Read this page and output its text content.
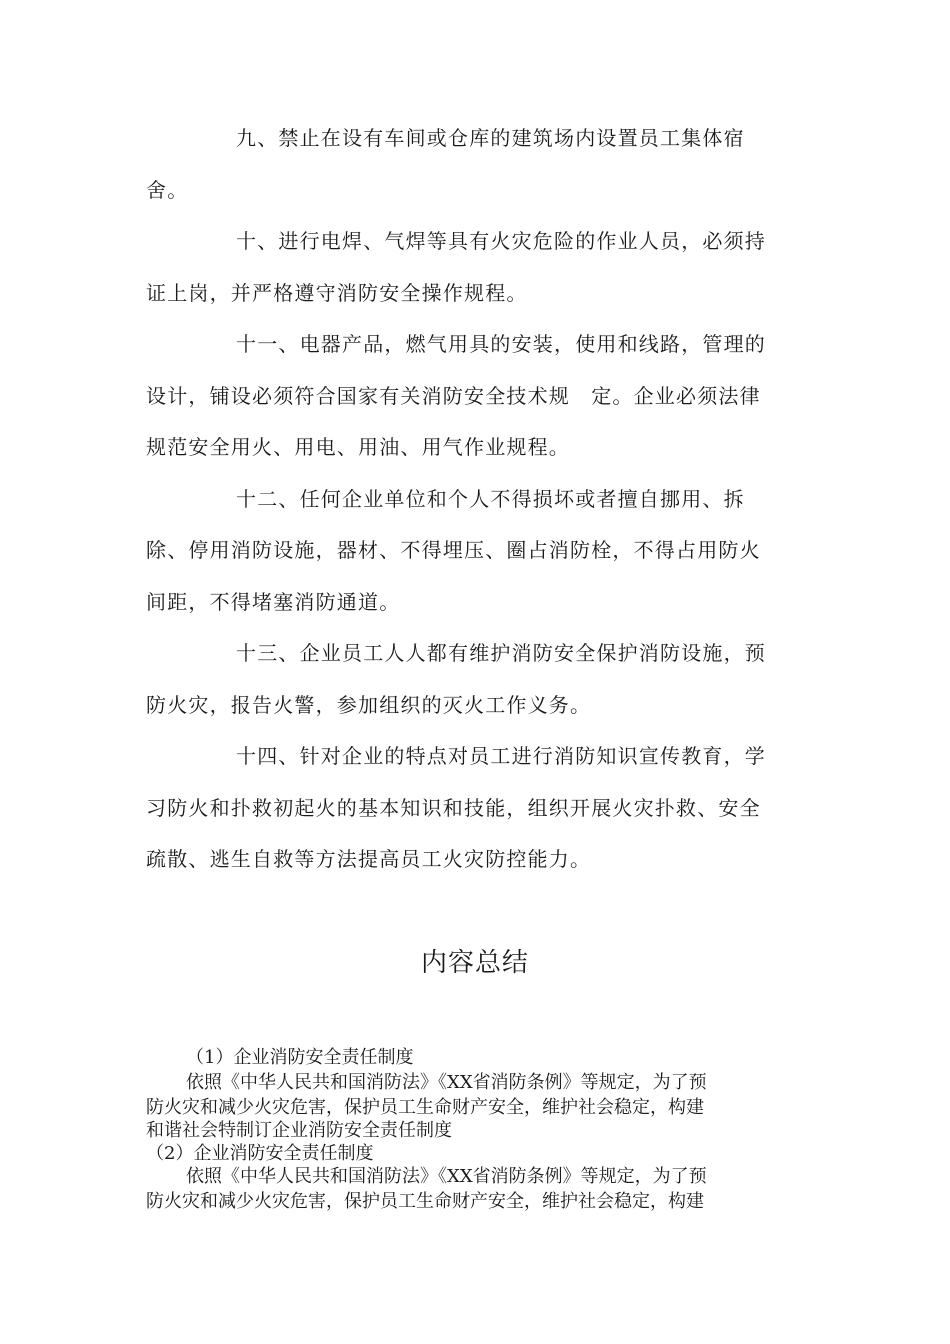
九、禁止在设有车间或仓库的建筑场内设置员工集体宿
舍。
十、进行电焊、气焊等具有火灾危险的作业人员，必须持
证上岗，并严格遵守消防安全操作规程。
十一、电器产品，燃气用具的安装，使用和线路，管理的
设计，铺设必须符合国家有关消防安全技术规　定。企业必须法律
规范安全用火、用电、用油、用气作业规程。
十二、任何企业单位和个人不得损坏或者擅自挪用、拆
除、停用消防设施，器材、不得埋压、圈占消防栓，不得占用防火
间距，不得堵塞消防通道。
十三、企业员工人人都有维护消防安全保护消防设施，预
防火灾，报告火警，参加组织的灭火工作义务。
十四、针对企业的特点对员工进行消防知识宣传教育，学
习防火和扑救初起火的基本知识和技能，组织开展火灾扑救、安全
疏散、逃生自救等方法提高员工火灾防控能力。
内容总结
（1）企业消防安全责任制度
依照《中华人民共和国消防法》《XX省消防条例》等规定，为了预
防火灾和减少火灾危害，保护员工生命财产安全，维护社会稳定，构建
和谐社会特制订企业消防安全责任制度
（2）企业消防安全责任制度
依照《中华人民共和国消防法》《XX省消防条例》等规定，为了预
防火灾和减少火灾危害，保护员工生命财产安全，维护社会稳定，构建
